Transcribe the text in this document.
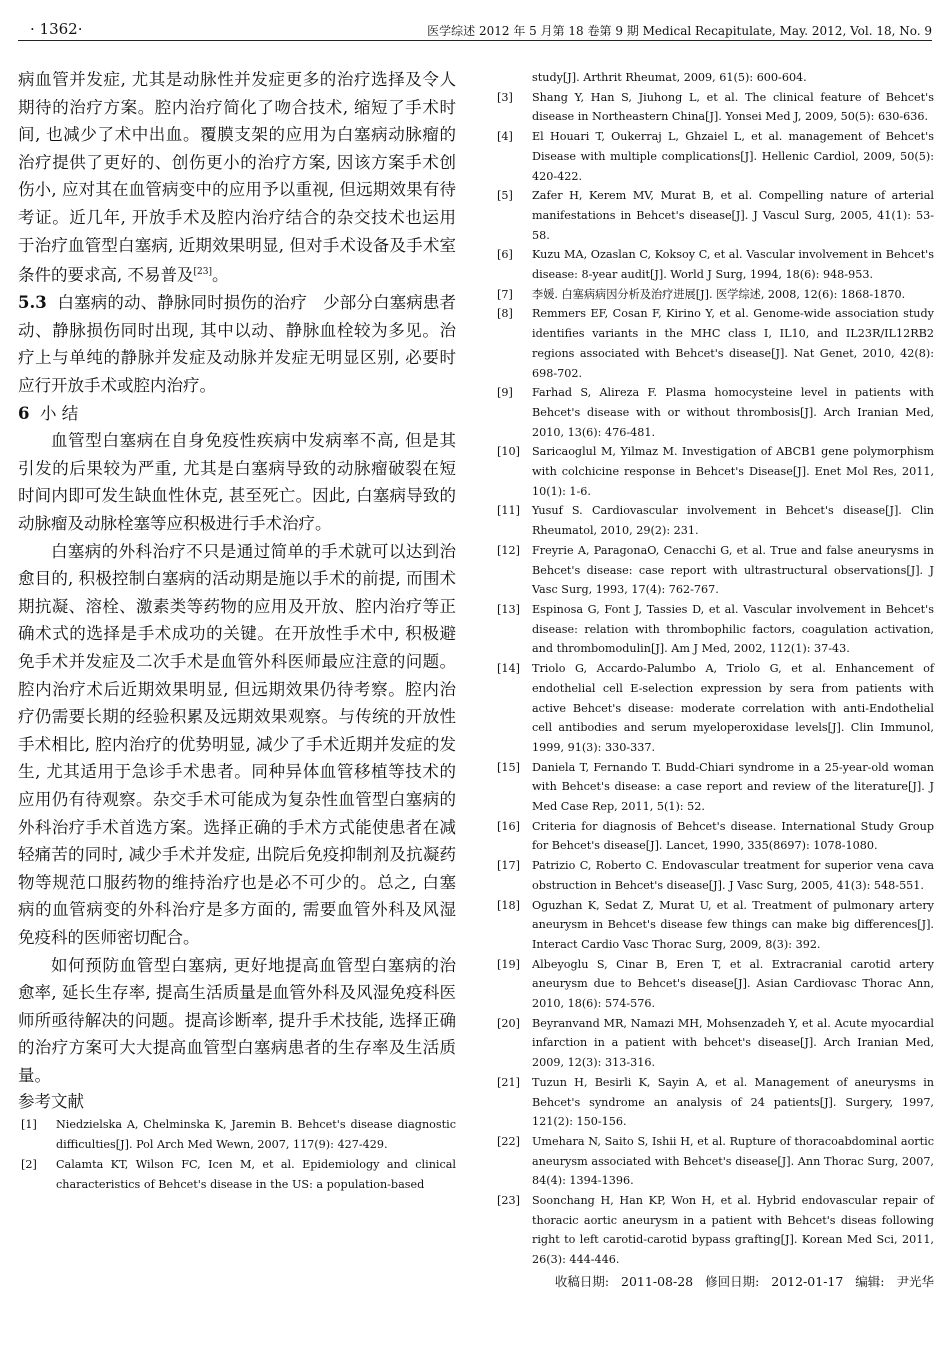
· 1362·	医学综述 2012 年 5 月第 18 卷第 9 期 Medical Recapitulate, May. 2012, Vol. 18, No. 9

病血管并发症, 尤其是动脉性并发症更多的治疗选择及令人期待的治疗方案。腔内治疗简化了吻合技术, 缩短了手术时间, 也减少了术中出血。覆膜支架的应用为白塞病动脉瘤的治疗提供了更好的、创伤更小的治疗方案, 因该方案手术创伤小, 应对其在血管病变中的应用予以重视, 但远期效果有待考证。近几年, 开放手术及腔内治疗结合的杂交技术也运用于治疗血管型白塞病, 近期效果明显, 但对手术设备及手术室条件的要求高, 不易普及[23]。

5.3 白塞病的动、静脉同时损伤的治疗 少部分白塞病患者动、静脉损伤同时出现, 其中以动、静脉血栓较为多见。治疗上与单纯的静脉并发症及动脉并发症无明显区别, 必要时应行开放手术或腔内治疗。

6 小 结

血管型白塞病在自身免疫性疾病中发病率不高, 但是其引发的后果较为严重, 尤其是白塞病导致的动脉瘤破裂在短时间内即可发生缺血性休克, 甚至死亡。因此, 白塞病导致的动脉瘤及动脉栓塞等应积极进行手术治疗。

白塞病的外科治疗不只是通过简单的手术就可以达到治愈目的, 积极控制白塞病的活动期是施以手术的前提, 而围术期抗凝、溶栓、激素类等药物的应用及开放、腔内治疗等正确术式的选择是手术成功的关键。在开放性手术中, 积极避免手术并发症及二次手术是血管外科医师最应注意的问题。腔内治疗术后近期效果明显, 但远期效果仍待考察。腔内治疗仍需要长期的经验积累及远期效果观察。与传统的开放性手术相比, 腔内治疗的优势明显, 减少了手术近期并发症的发生, 尤其适用于急诊手术患者。同种异体血管移植等技术的应用仍有待观察。杂交手术可能成为复杂性血管型白塞病的外科治疗手术首选方案。选择正确的手术方式能使患者在减轻痛苦的同时, 减少手术并发症, 出院后免疫抑制剂及抗凝药物等规范口服药物的维持治疗也是必不可少的。总之, 白塞病的血管病变的外科治疗是多方面的, 需要血管外科及风湿免疫科的医师密切配合。

如何预防血管型白塞病, 更好地提高血管型白塞病的治愈率, 延长生存率, 提高生活质量是血管外科及风湿免疫科医师所亟待解决的问题。提高诊断率, 提升手术技能, 选择正确的治疗方案可大大提高血管型白塞病患者的生存率及生活质量。

参考文献

[1]	Niedzielska A, Chelminska K, Jaremin B. Behcet's disease diagnostic difficulties[J]. Pol Arch Med Wewn, 2007, 117(9): 427-429.
[2]	Calamta KT, Wilson FC, Icen M, et al. Epidemiology and clinical characteristics of Behcet's disease in the US: a population-based

study[J]. Arthrit Rheumat, 2009, 61(5): 600-604.

[3]	Shang Y, Han S, Jiuhong L, et al. The clinical feature of Behcet's disease in Northeastern China[J]. Yonsei Med J, 2009, 50(5): 630-636.
[4]	El Houari T, Oukerraj L, Ghzaiel L, et al. management of Behcet's Disease with multiple complications[J]. Hellenic Cardiol, 2009, 50(5): 420-422.
[5]	Zafer H, Kerem MV, Murat B, et al. Compelling nature of arterial manifestations in Behcet's disease[J]. J Vascul Surg, 2005, 41(1): 53-58.
[6]	Kuzu MA, Ozaslan C, Koksoy C, et al. Vascular involvement in Behcet's disease: 8-year audit[J]. World J Surg, 1994, 18(6): 948-953.
[7]	李媛. 白塞病病因分析及治疗进展[J]. 医学综述, 2008, 12(6): 1868-1870.
[8]	Remmers EF, Cosan F, Kirino Y, et al. Genome-wide association study identifies variants in the MHC class I, IL10, and IL23R/IL12RB2 regions associated with Behcet's disease[J]. Nat Genet, 2010, 42(8): 698-702.
[9]	Farhad S, Alireza F. Plasma homocysteine level in patients with Behcet's disease with or without thrombosis[J]. Arch Iranian Med, 2010, 13(6): 476-481.
[10]	Saricaoglul M, Yilmaz M. Investigation of ABCB1 gene polymorphism with colchicine response in Behcet's Disease[J]. Enet Mol Res, 2011, 10(1): 1-6.
[11]	Yusuf S. Cardiovascular involvement in Behcet's disease[J]. Clin Rheumatol, 2010, 29(2): 231.
[12]	Freyrie A, ParagonaO, Cenacchi G, et al. True and false aneurysms in Behcet's disease: case report with ultrastructural observations[J]. J Vasc Surg, 1993, 17(4): 762-767.
[13]	Espinosa G, Font J, Tassies D, et al. Vascular involvement in Behcet's disease: relation with thrombophilic factors, coagulation activation, and thrombomodulin[J]. Am J Med, 2002, 112(1): 37-43.
[14]	Triolo G, Accardo-Palumbo A, Triolo G, et al. Enhancement of endothelial cell E-selection expression by sera from patients with active Behcet's disease: moderate correlation with anti-Endothelial cell antibodies and serum myeloperoxidase levels[J]. Clin Immunol, 1999, 91(3): 330-337.
[15]	Daniela T, Fernando T. Budd-Chiari syndrome in a 25-year-old woman with Behcet's disease: a case report and review of the literature[J]. J Med Case Rep, 2011, 5(1): 52.
[16]	Criteria for diagnosis of Behcet's disease. International Study Group for Behcet's disease[J]. Lancet, 1990, 335(8697): 1078-1080.
[17]	Patrizio C, Roberto C. Endovascular treatment for superior vena cava obstruction in Behcet's disease[J]. J Vasc Surg, 2005, 41(3): 548-551.
[18]	Oguzhan K, Sedat Z, Murat U, et al. Treatment of pulmonary artery aneurysm in Behcet's disease few things can make big differences[J]. Interact Cardio Vasc Thorac Surg, 2009, 8(3): 392.
[19]	Albeyoglu S, Cinar B, Eren T, et al. Extracranial carotid artery aneurysm due to Behcet's disease[J]. Asian Cardiovasc Thorac Ann, 2010, 18(6): 574-576.
[20]	Beyranvand MR, Namazi MH, Mohsenzadeh Y, et al. Acute myocardial infarction in a patient with behcet's disease[J]. Arch Iranian Med, 2009, 12(3): 313-316.
[21]	Tuzun H, Besirli K, Sayin A, et al. Management of aneurysms in Behcet's syndrome an analysis of 24 patients[J]. Surgery, 1997, 121(2): 150-156.
[22]	Umehara N, Saito S, Ishii H, et al. Rupture of thoracoabdominal aortic aneurysm associated with Behcet's disease[J]. Ann Thorac Surg, 2007, 84(4): 1394-1396.
[23]	Soonchang H, Han KP, Won H, et al. Hybrid endovascular repair of thoracic aortic aneurysm in a patient with Behcet's diseas following right to left carotid-carotid bypass grafting[J]. Korean Med Sci, 2011, 26(3): 444-446.

收稿日期: 2011-08-28 修回日期: 2012-01-17 编辑: 尹光华
